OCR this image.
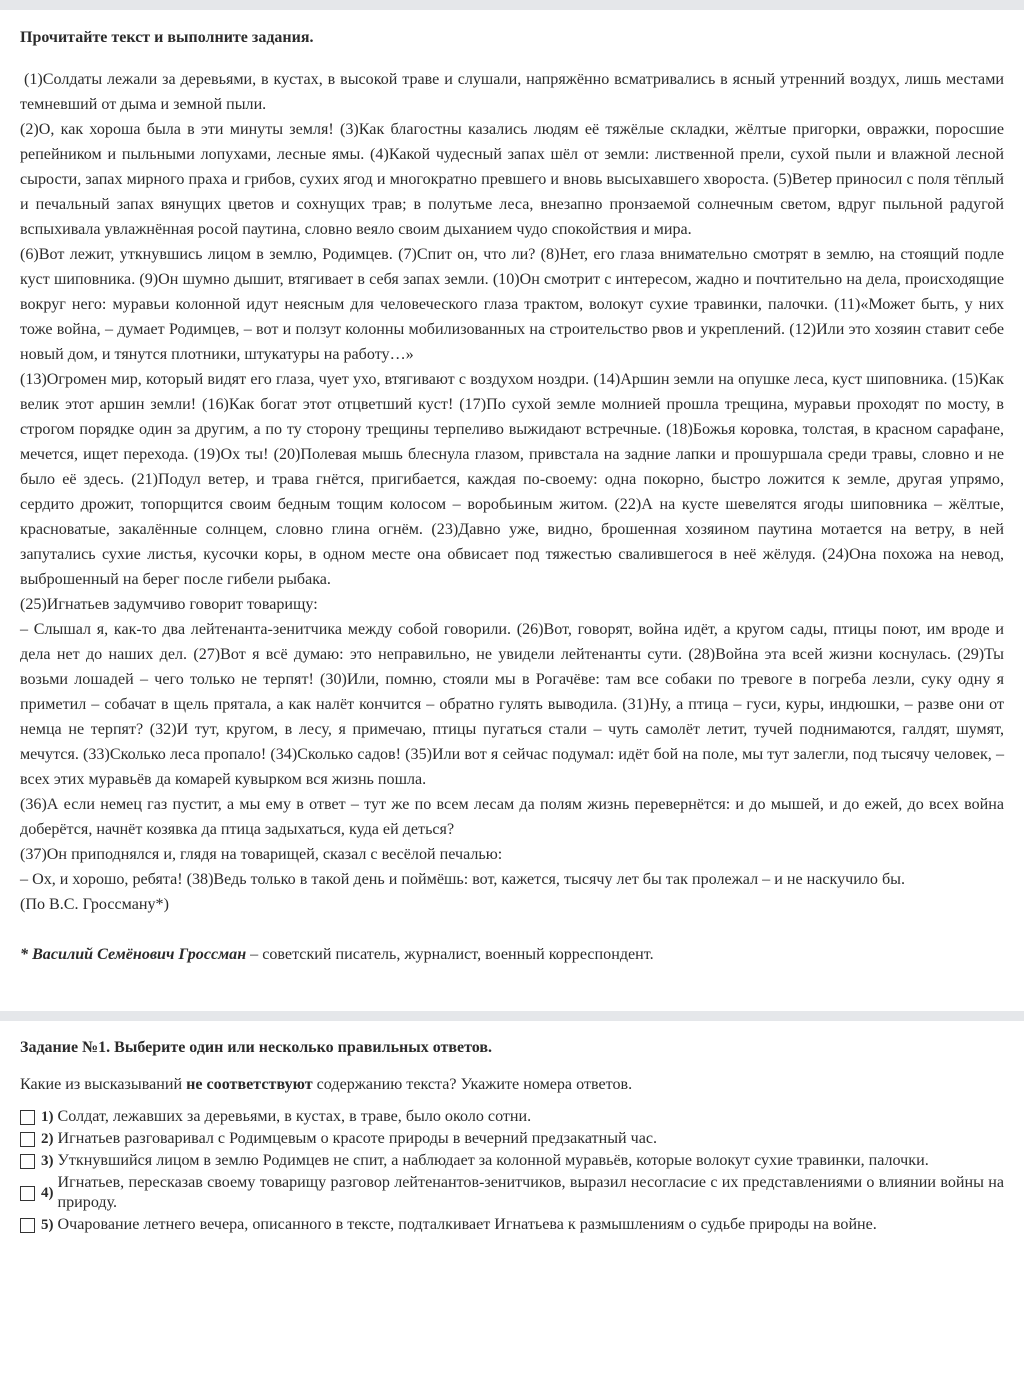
Прочитайте текст и выполните задания.

(1)Солдаты лежали за деревьями, в кустах, в высокой траве и слушали, напряжённо всматривались в ясный утренний воздух, лишь местами темневший от дыма и земной пыли.
(2)О, как хороша была в эти минуты земля! (3)Как благостны казались людям её тяжёлые складки, жёлтые пригорки, овражки, поросшие репейником и пыльными лопухами, лесные ямы. (4)Какой чудесный запах шёл от земли: лиственной прели, сухой пыли и влажной лесной сырости, запах мирного праха и грибов, сухих ягод и многократно превшего и вновь высыхавшего хвороста. (5)Ветер приносил с поля тёплый и печальный запах вянущих цветов и сохнущих трав; в полутьме леса, внезапно пронзаемой солнечным светом, вдруг пыльной радугой вспыхивала увлажнённая росой паутина, словно веяло своим дыханием чудо спокойствия и мира.
(6)Вот лежит, уткнувшись лицом в землю, Родимцев. (7)Спит он, что ли? (8)Нет, его глаза внимательно смотрят в землю, на стоящий подле куст шиповника. (9)Он шумно дышит, втягивает в себя запах земли. (10)Он смотрит с интересом, жадно и почтительно на дела, происходящие вокруг него: муравьи колонной идут неясным для человеческого глаза трактом, волокут сухие травинки, палочки. (11)«Может быть, у них тоже война, – думает Родимцев, – вот и ползут колонны мобилизованных на строительство рвов и укреплений. (12)Или это хозяин ставит себе новый дом, и тянутся плотники, штукатуры на работу…»
(13)Огромен мир, который видят его глаза, чует ухо, втягивают с воздухом ноздри. (14)Аршин земли на опушке леса, куст шиповника. (15)Как велик этот аршин земли! (16)Как богат этот отцветший куст! (17)По сухой земле молнией прошла трещина, муравьи проходят по мосту, в строгом порядке один за другим, а по ту сторону трещины терпеливо выжидают встречные. (18)Божья коровка, толстая, в красном сарафане, мечется, ищет перехода. (19)Ох ты! (20)Полевая мышь блеснула глазом, привстала на задние лапки и прошуршала среди травы, словно и не было её здесь. (21)Подул ветер, и трава гнётся, пригибается, каждая по-своему: одна покорно, быстро ложится к земле, другая упрямо, сердито дрожит, топорщится своим бедным тощим колосом – воробьиным житом. (22)А на кусте шевелятся ягоды шиповника – жёлтые, красноватые, закалённые солнцем, словно глина огнём. (23)Давно уже, видно, брошенная хозяином паутина мотается на ветру, в ней запутались сухие листья, кусочки коры, в одном месте она обвисает под тяжестью свалившегося в неё жёлудя. (24)Она похожа на невод, выброшенный на берег после гибели рыбака.
(25)Игнатьев задумчиво говорит товарищу:
– Слышал я, как-то два лейтенанта-зенитчика между собой говорили. (26)Вот, говорят, война идёт, а кругом сады, птицы поют, им вроде и дела нет до наших дел. (27)Вот я всё думаю: это неправильно, не увидели лейтенанты сути. (28)Война эта всей жизни коснулась. (29)Ты возьми лошадей – чего только не терпят! (30)Или, помню, стояли мы в Рогачёве: там все собаки по тревоге в погреба лезли, суку одну я приметил – собачат в щель прятала, а как налёт кончится – обратно гулять выводила. (31)Ну, а птица – гуси, куры, индюшки, – разве они от немца не терпят? (32)И тут, кругом, в лесу, я примечаю, птицы пугаться стали – чуть самолёт летит, тучей поднимаются, галдят, шумят, мечутся. (33)Сколько леса пропало! (34)Сколько садов! (35)Или вот я сейчас подумал: идёт бой на поле, мы тут залегли, под тысячу человек, – всех этих муравьёв да комарей кувырком вся жизнь пошла.
(36)А если немец газ пустит, а мы ему в ответ – тут же по всем лесам да полям жизнь перевернётся: и до мышей, и до ежей, до всех война доберётся, начнёт козявка да птица задыхаться, куда ей деться?
(37)Он приподнялся и, глядя на товарищей, сказал с весёлой печалью:
– Ох, и хорошо, ребята! (38)Ведь только в такой день и поймёшь: вот, кажется, тысячу лет бы так пролежал – и не наскучило бы.
(По В.С. Гроссману*)
* Василий Семёнович Гроссман – советский писатель, журналист, военный корреспондент.

Задание №1. Выберите один или несколько правильных ответов.

Какие из высказываний не соответствуют содержанию текста? Укажите номера ответов.
1) Солдат, лежавших за деревьями, в кустах, в траве, было около сотни.
2) Игнатьев разговаривал с Родимцевым о красоте природы в вечерний предзакатный час.
3) Уткнувшийся лицом в землю Родимцев не спит, а наблюдает за колонной муравьёв, которые волокут сухие травинки, палочки.
4)
Игнатьев, пересказав своему товарищу разговор лейтенантов-зенитчиков, выразил несогласие с их представлениями о влиянии войны на природу.
5) Очарование летнего вечера, описанного в тексте, подталкивает Игнатьева к размышлениям о судьбе природы на войне.
